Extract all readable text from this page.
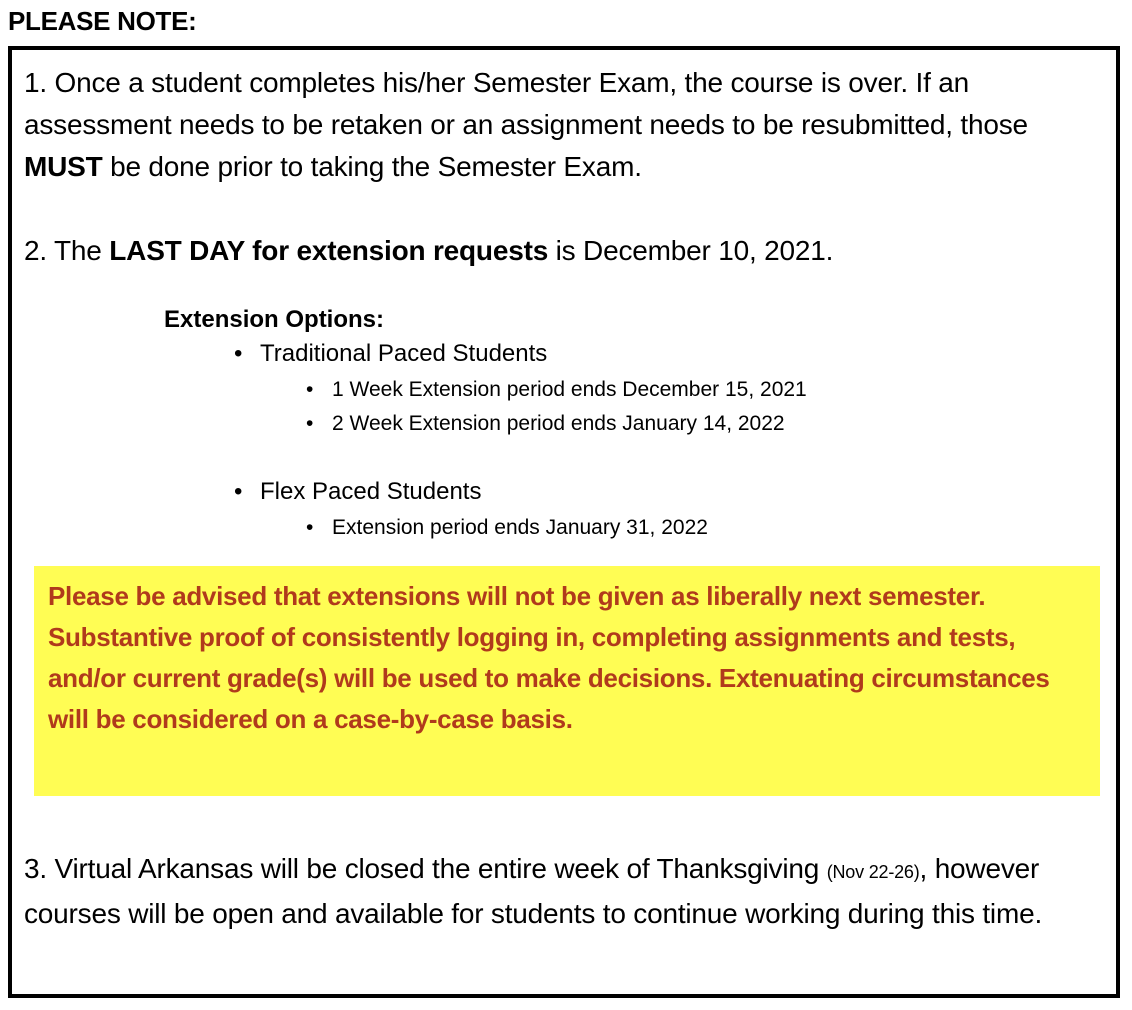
PLEASE NOTE:
1. Once a student completes his/her Semester Exam, the course is over. If an assessment needs to be retaken or an assignment needs to be resubmitted, those MUST be done prior to taking the Semester Exam.
2. The LAST DAY for extension requests is December 10, 2021.
Extension Options:
• Traditional Paced Students
• 1 Week Extension period ends December 15, 2021
• 2 Week Extension period ends January 14, 2022
• Flex Paced Students
• Extension period ends January 31, 2022
Please be advised that extensions will not be given as liberally next semester. Substantive proof of consistently logging in, completing assignments and tests, and/or current grade(s) will be used to make decisions. Extenuating circumstances will be considered on a case-by-case basis.
3. Virtual Arkansas will be closed the entire week of Thanksgiving (Nov 22-26), however courses will be open and available for students to continue working during this time.
